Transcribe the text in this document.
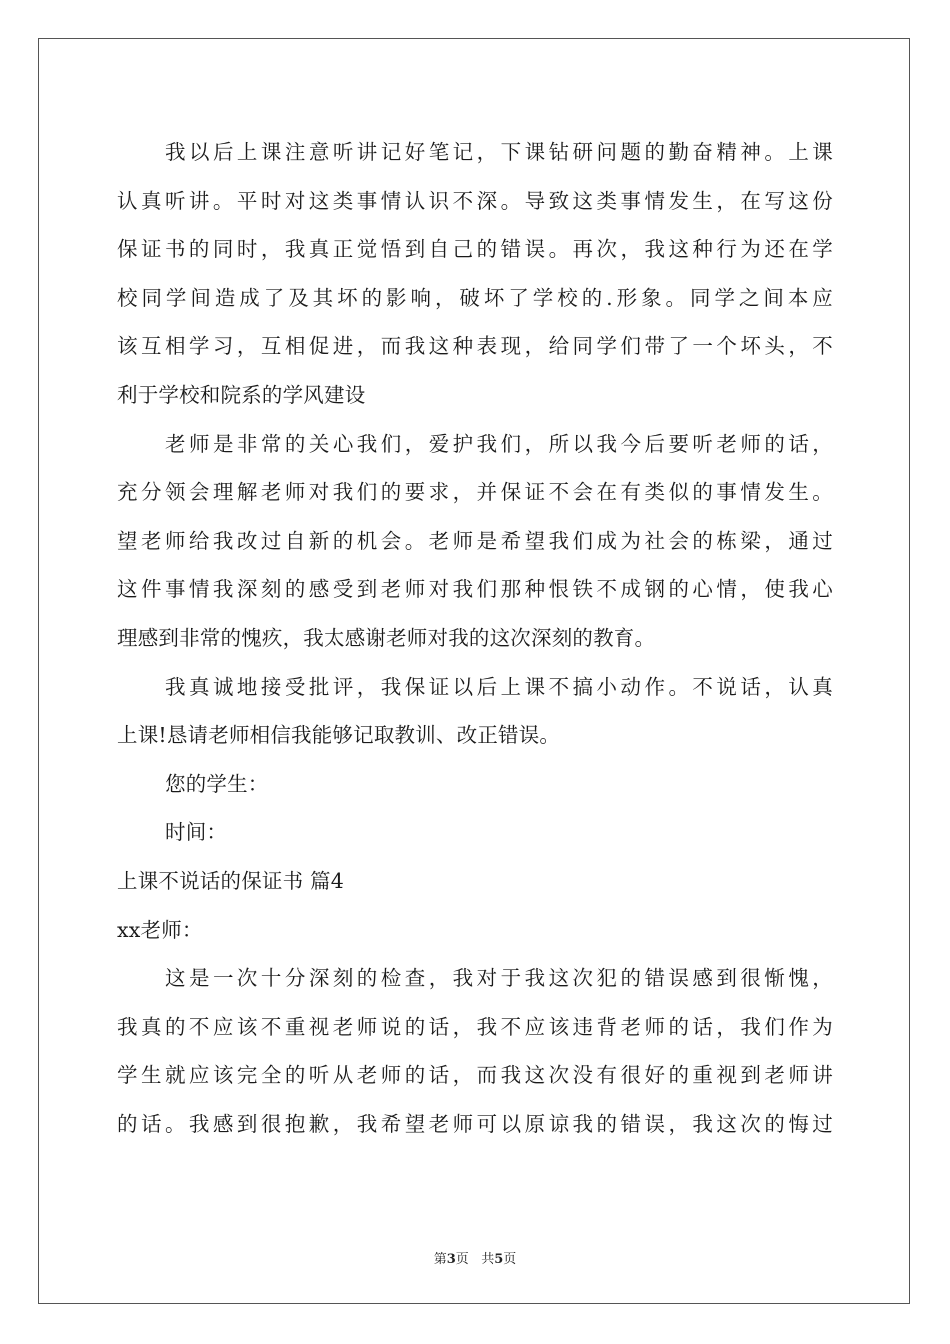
我以后上课注意听讲记好笔记，下课钻研问题的勤奋精神。上课
认真听讲。平时对这类事情认识不深。导致这类事情发生，在写这份
保证书的同时，我真正觉悟到自己的错误。再次，我这种行为还在学
校同学间造成了及其坏的影响，破坏了学校的.形象。同学之间本应
该互相学习，互相促进，而我这种表现，给同学们带了一个坏头，不
利于学校和院系的学风建设
老师是非常的关心我们，爱护我们，所以我今后要听老师的话，
充分领会理解老师对我们的要求，并保证不会在有类似的事情发生。
望老师给我改过自新的机会。老师是希望我们成为社会的栋梁，通过
这件事情我深刻的感受到老师对我们那种恨铁不成钢的心情，使我心
理感到非常的愧疚，我太感谢老师对我的这次深刻的教育。
我真诚地接受批评，我保证以后上课不搞小动作。不说话，认真
上课!恳请老师相信我能够记取教训、改正错误。
您的学生：
时间：
上课不说话的保证书 篇4
xx老师：
这是一次十分深刻的检查，我对于我这次犯的错误感到很惭愧，
我真的不应该不重视老师说的话，我不应该违背老师的话，我们作为
学生就应该完全的听从老师的话，而我这次没有很好的重视到老师讲
的话。我感到很抱歉，我希望老师可以原谅我的错误，我这次的悔过
第3页 共5页
